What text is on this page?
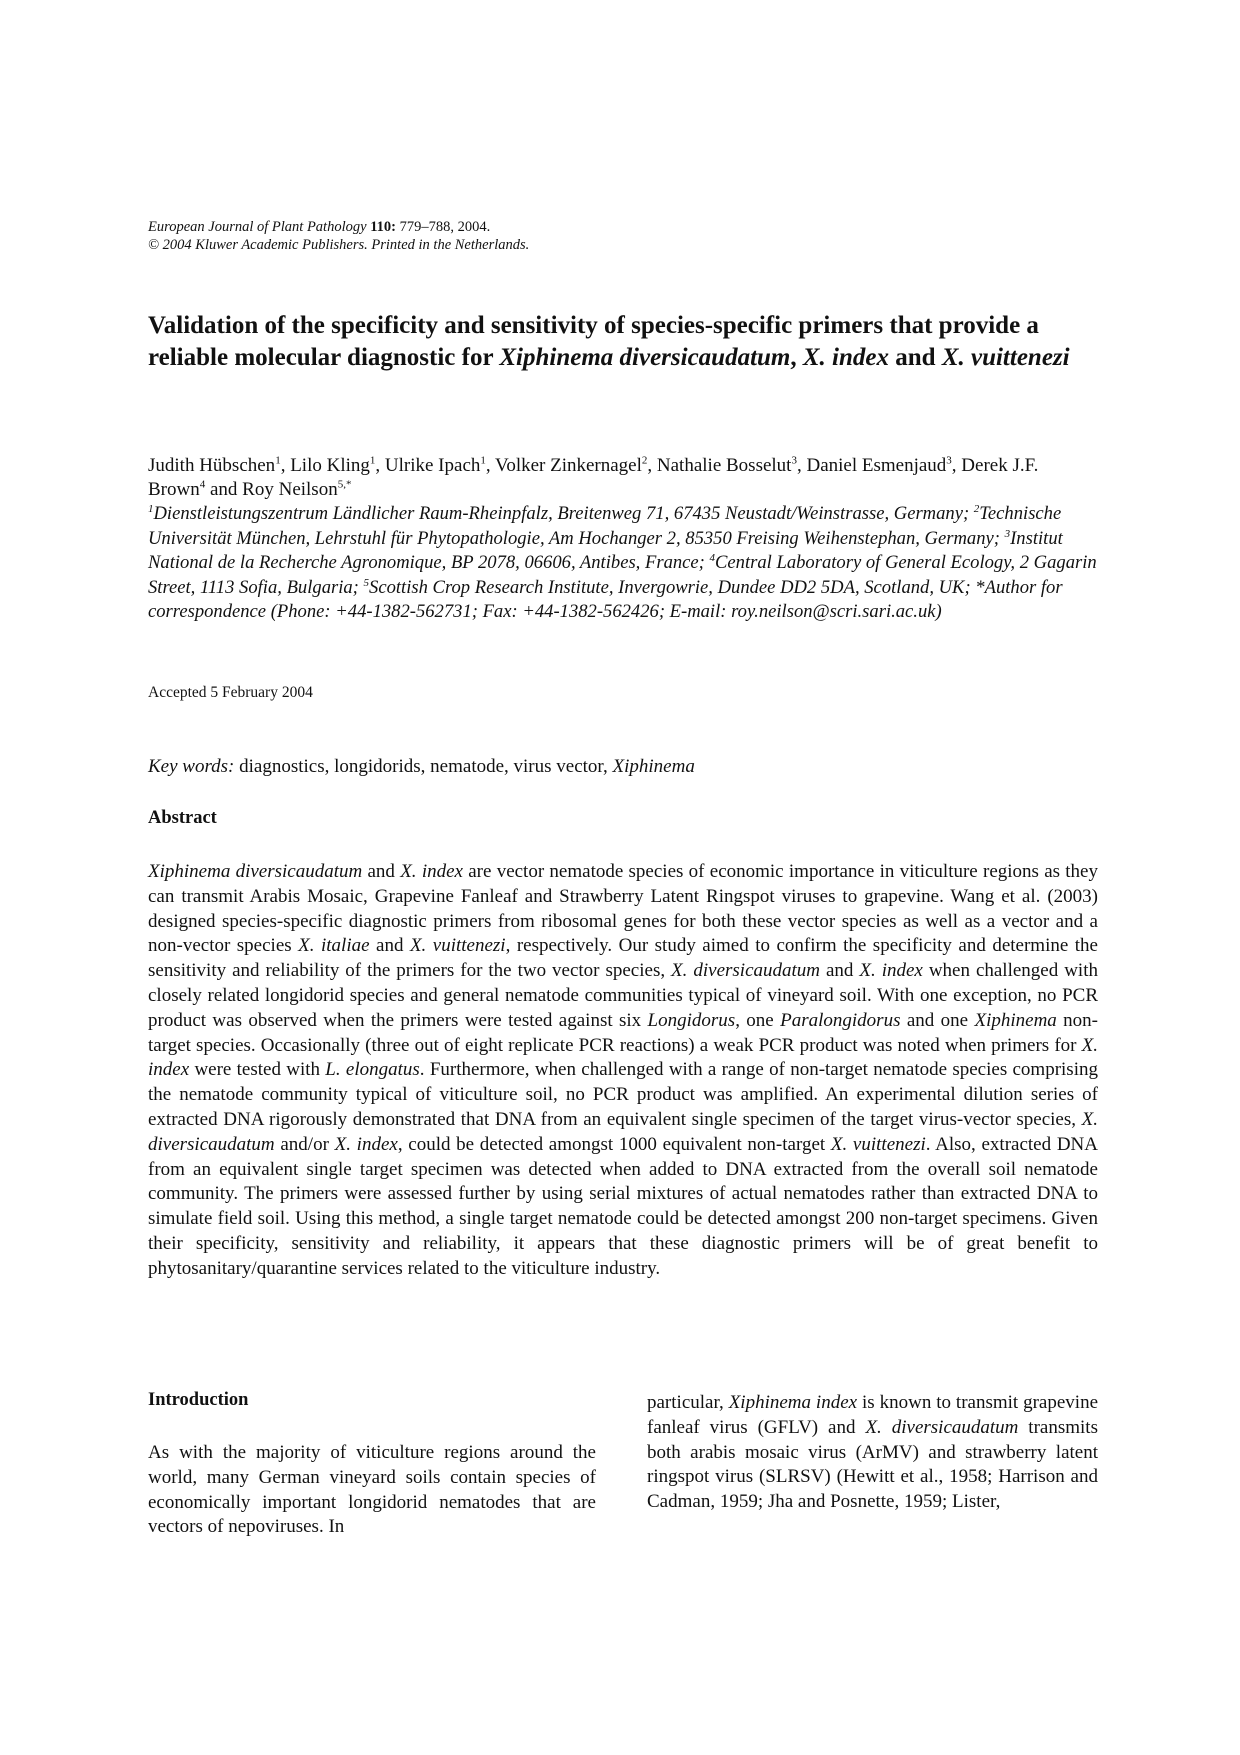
European Journal of Plant Pathology 110: 779–788, 2004.
© 2004 Kluwer Academic Publishers. Printed in the Netherlands.
Validation of the specificity and sensitivity of species-specific primers that provide a reliable molecular diagnostic for Xiphinema diversicaudatum, X. index and X. vuittenezi
Judith Hübschen$^1$, Lilo Kling$^1$, Ulrike Ipach$^1$, Volker Zinkernagel$^2$, Nathalie Bosselut$^3$, Daniel Esmenjaud$^3$, Derek J.F. Brown$^4$ and Roy Neilson$^{5,*}$
$^1$Dienstleistungszentrum Ländlicher Raum-Rheinpfalz, Breitenweg 71, 67435 Neustadt/Weinstrasse, Germany; $^2$Technische Universität München, Lehrstuhl für Phytopathologie, Am Hochanger 2, 85350 Freising Weihenstephan, Germany; $^3$Institut National de la Recherche Agronomique, BP 2078, 06606, Antibes, France; $^4$Central Laboratory of General Ecology, 2 Gagarin Street, 1113 Sofia, Bulgaria; $^5$Scottish Crop Research Institute, Invergowrie, Dundee DD2 5DA, Scotland, UK; *Author for correspondence (Phone: +44-1382-562731; Fax: +44-1382-562426; E-mail: roy.neilson@scri.sari.ac.uk)
Accepted 5 February 2004
Key words: diagnostics, longidorids, nematode, virus vector, Xiphinema
Abstract
Xiphinema diversicaudatum and X. index are vector nematode species of economic importance in viticulture regions as they can transmit Arabis Mosaic, Grapevine Fanleaf and Strawberry Latent Ringspot viruses to grapevine. Wang et al. (2003) designed species-specific diagnostic primers from ribosomal genes for both these vector species as well as a vector and a non-vector species X. italiae and X. vuittenezi, respectively. Our study aimed to confirm the specificity and determine the sensitivity and reliability of the primers for the two vector species, X. diversicaudatum and X. index when challenged with closely related longidorid species and general nematode communities typical of vineyard soil. With one exception, no PCR product was observed when the primers were tested against six Longidorus, one Paralongidorus and one Xiphinema non-target species. Occasionally (three out of eight replicate PCR reactions) a weak PCR product was noted when primers for X. index were tested with L. elongatus. Furthermore, when challenged with a range of non-target nematode species comprising the nematode community typical of viticulture soil, no PCR product was amplified. An experimental dilution series of extracted DNA rigorously demonstrated that DNA from an equivalent single specimen of the target virus-vector species, X. diversicaudatum and/or X. index, could be detected amongst 1000 equivalent non-target X. vuittenezi. Also, extracted DNA from an equivalent single target specimen was detected when added to DNA extracted from the overall soil nematode community. The primers were assessed further by using serial mixtures of actual nematodes rather than extracted DNA to simulate field soil. Using this method, a single target nematode could be detected amongst 200 non-target specimens. Given their specificity, sensitivity and reliability, it appears that these diagnostic primers will be of great benefit to phytosanitary/quarantine services related to the viticulture industry.
Introduction
As with the majority of viticulture regions around the world, many German vineyard soils contain species of economically important longidorid nematodes that are vectors of nepoviruses. In
particular, Xiphinema index is known to transmit grapevine fanleaf virus (GFLV) and X. diversicaudatum transmits both arabis mosaic virus (ArMV) and strawberry latent ringspot virus (SLRSV) (Hewitt et al., 1958; Harrison and Cadman, 1959; Jha and Posnette, 1959; Lister,
